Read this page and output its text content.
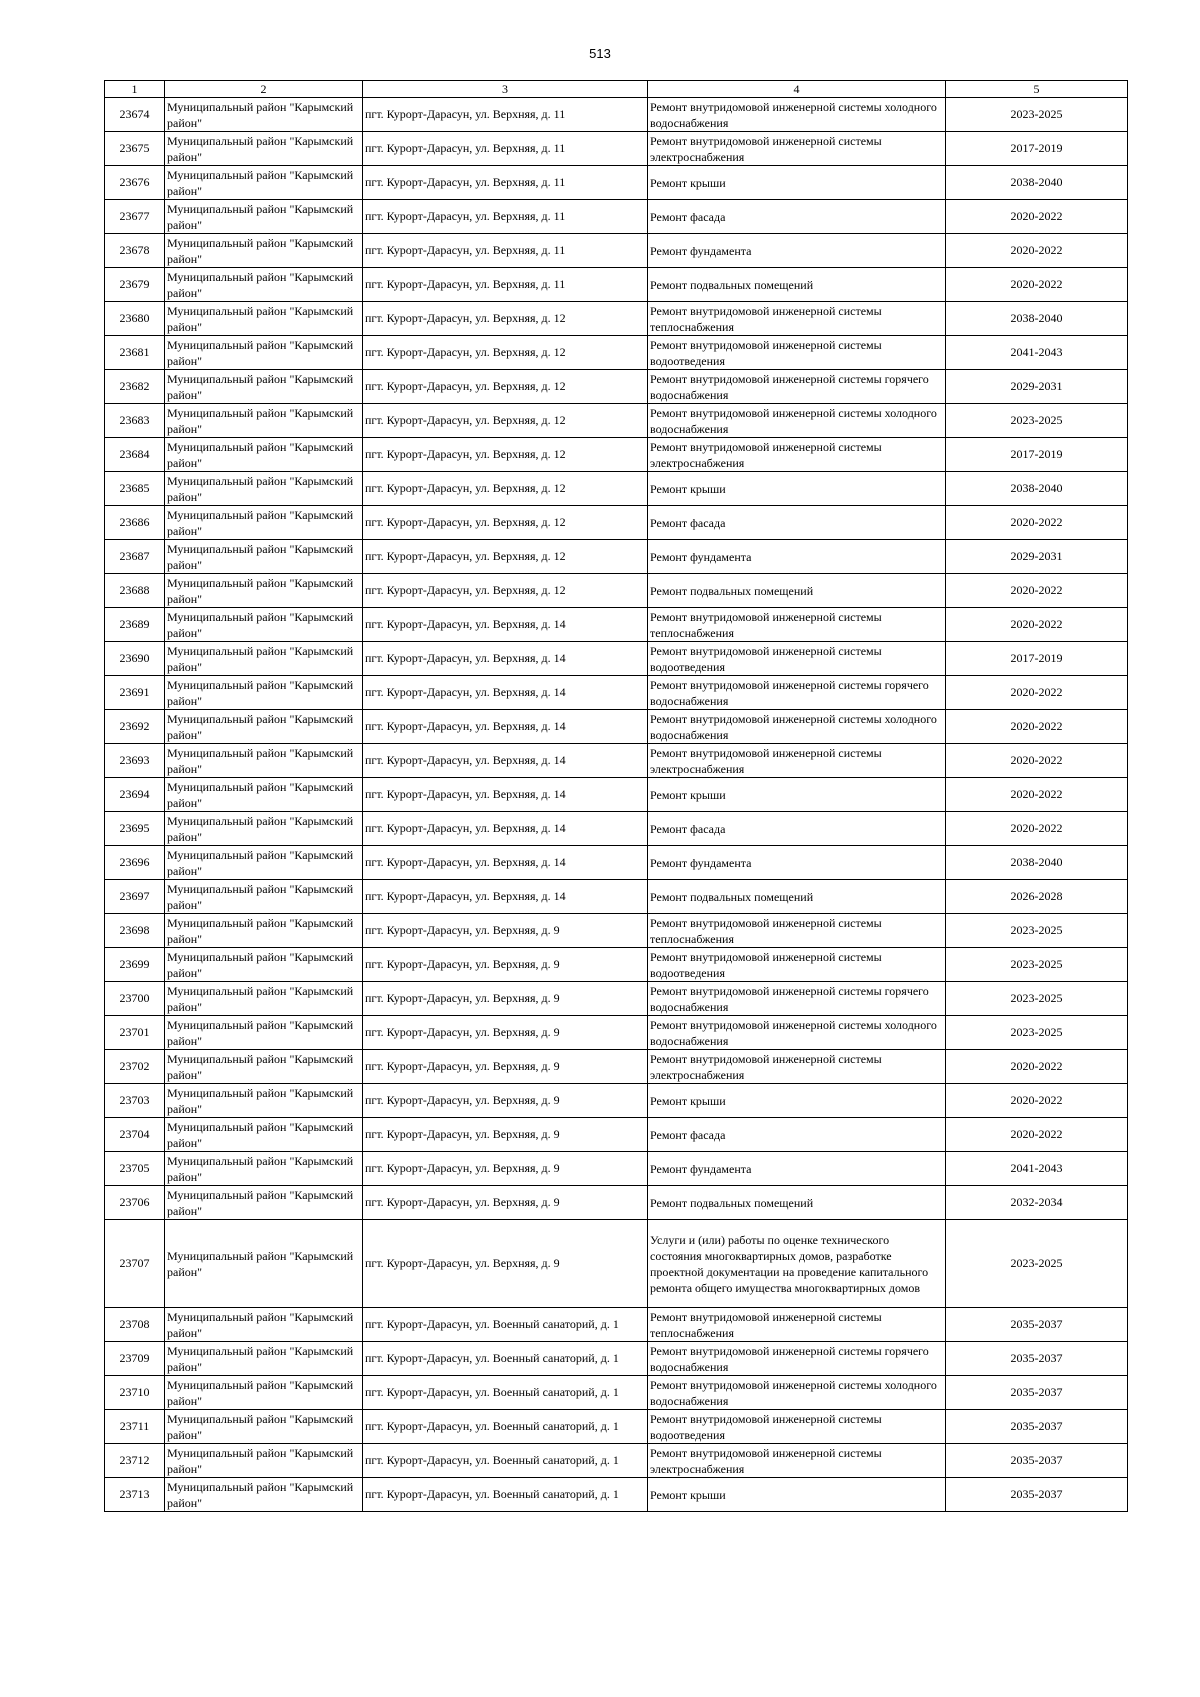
513
1	2	3	4	5
23674	Муниципальный район "Карымский район"	пгт. Курорт-Дарасун, ул. Верхняя, д. 11	Ремонт внутридомовой инженерной системы холодного водоснабжения	2023-2025
23675	Муниципальный район "Карымский район"	пгт. Курорт-Дарасун, ул. Верхняя, д. 11	Ремонт внутридомовой инженерной системы электроснабжения	2017-2019
23676	Муниципальный район "Карымский район"	пгт. Курорт-Дарасун, ул. Верхняя, д. 11	Ремонт крыши	2038-2040
23677	Муниципальный район "Карымский район"	пгт. Курорт-Дарасун, ул. Верхняя, д. 11	Ремонт фасада	2020-2022
23678	Муниципальный район "Карымский район"	пгт. Курорт-Дарасун, ул. Верхняя, д. 11	Ремонт фундамента	2020-2022
23679	Муниципальный район "Карымский район"	пгт. Курорт-Дарасун, ул. Верхняя, д. 11	Ремонт подвальных помещений	2020-2022
23680	Муниципальный район "Карымский район"	пгт. Курорт-Дарасун, ул. Верхняя, д. 12	Ремонт внутридомовой инженерной системы теплоснабжения	2038-2040
23681	Муниципальный район "Карымский район"	пгт. Курорт-Дарасун, ул. Верхняя, д. 12	Ремонт внутридомовой инженерной системы водоотведения	2041-2043
23682	Муниципальный район "Карымский район"	пгт. Курорт-Дарасун, ул. Верхняя, д. 12	Ремонт внутридомовой инженерной системы горячего водоснабжения	2029-2031
23683	Муниципальный район "Карымский район"	пгт. Курорт-Дарасун, ул. Верхняя, д. 12	Ремонт внутридомовой инженерной системы холодного водоснабжения	2023-2025
23684	Муниципальный район "Карымский район"	пгт. Курорт-Дарасун, ул. Верхняя, д. 12	Ремонт внутридомовой инженерной системы электроснабжения	2017-2019
23685	Муниципальный район "Карымский район"	пгт. Курорт-Дарасун, ул. Верхняя, д. 12	Ремонт крыши	2038-2040
23686	Муниципальный район "Карымский район"	пгт. Курорт-Дарасун, ул. Верхняя, д. 12	Ремонт фасада	2020-2022
23687	Муниципальный район "Карымский район"	пгт. Курорт-Дарасун, ул. Верхняя, д. 12	Ремонт фундамента	2029-2031
23688	Муниципальный район "Карымский район"	пгт. Курорт-Дарасун, ул. Верхняя, д. 12	Ремонт подвальных помещений	2020-2022
23689	Муниципальный район "Карымский район"	пгт. Курорт-Дарасун, ул. Верхняя, д. 14	Ремонт внутридомовой инженерной системы теплоснабжения	2020-2022
23690	Муниципальный район "Карымский район"	пгт. Курорт-Дарасун, ул. Верхняя, д. 14	Ремонт внутридомовой инженерной системы водоотведения	2017-2019
23691	Муниципальный район "Карымский район"	пгт. Курорт-Дарасун, ул. Верхняя, д. 14	Ремонт внутридомовой инженерной системы горячего водоснабжения	2020-2022
23692	Муниципальный район "Карымский район"	пгт. Курорт-Дарасун, ул. Верхняя, д. 14	Ремонт внутридомовой инженерной системы холодного водоснабжения	2020-2022
23693	Муниципальный район "Карымский район"	пгт. Курорт-Дарасун, ул. Верхняя, д. 14	Ремонт внутридомовой инженерной системы электроснабжения	2020-2022
23694	Муниципальный район "Карымский район"	пгт. Курорт-Дарасун, ул. Верхняя, д. 14	Ремонт крыши	2020-2022
23695	Муниципальный район "Карымский район"	пгт. Курорт-Дарасун, ул. Верхняя, д. 14	Ремонт фасада	2020-2022
23696	Муниципальный район "Карымский район"	пгт. Курорт-Дарасун, ул. Верхняя, д. 14	Ремонт фундамента	2038-2040
23697	Муниципальный район "Карымский район"	пгт. Курорт-Дарасун, ул. Верхняя, д. 14	Ремонт подвальных помещений	2026-2028
23698	Муниципальный район "Карымский район"	пгт. Курорт-Дарасун, ул. Верхняя, д. 9	Ремонт внутридомовой инженерной системы теплоснабжения	2023-2025
23699	Муниципальный район "Карымский район"	пгт. Курорт-Дарасун, ул. Верхняя, д. 9	Ремонт внутридомовой инженерной системы водоотведения	2023-2025
23700	Муниципальный район "Карымский район"	пгт. Курорт-Дарасун, ул. Верхняя, д. 9	Ремонт внутридомовой инженерной системы горячего водоснабжения	2023-2025
23701	Муниципальный район "Карымский район"	пгт. Курорт-Дарасун, ул. Верхняя, д. 9	Ремонт внутридомовой инженерной системы холодного водоснабжения	2023-2025
23702	Муниципальный район "Карымский район"	пгт. Курорт-Дарасун, ул. Верхняя, д. 9	Ремонт внутридомовой инженерной системы электроснабжения	2020-2022
23703	Муниципальный район "Карымский район"	пгт. Курорт-Дарасун, ул. Верхняя, д. 9	Ремонт крыши	2020-2022
23704	Муниципальный район "Карымский район"	пгт. Курорт-Дарасун, ул. Верхняя, д. 9	Ремонт фасада	2020-2022
23705	Муниципальный район "Карымский район"	пгт. Курорт-Дарасун, ул. Верхняя, д. 9	Ремонт фундамента	2041-2043
23706	Муниципальный район "Карымский район"	пгт. Курорт-Дарасун, ул. Верхняя, д. 9	Ремонт подвальных помещений	2032-2034
23707	Муниципальный район "Карымский район"	пгт. Курорт-Дарасун, ул. Верхняя, д. 9	Услуги и (или) работы по оценке технического состояния многоквартирных домов, разработке проектной документации на проведение капитального ремонта общего имущества многоквартирных домов	2023-2025
23708	Муниципальный район "Карымский район"	пгт. Курорт-Дарасун, ул. Военный санаторий, д. 1	Ремонт внутридомовой инженерной системы теплоснабжения	2035-2037
23709	Муниципальный район "Карымский район"	пгт. Курорт-Дарасун, ул. Военный санаторий, д. 1	Ремонт внутридомовой инженерной системы горячего водоснабжения	2035-2037
23710	Муниципальный район "Карымский район"	пгт. Курорт-Дарасун, ул. Военный санаторий, д. 1	Ремонт внутридомовой инженерной системы холодного водоснабжения	2035-2037
23711	Муниципальный район "Карымский район"	пгт. Курорт-Дарасун, ул. Военный санаторий, д. 1	Ремонт внутридомовой инженерной системы водоотведения	2035-2037
23712	Муниципальный район "Карымский район"	пгт. Курорт-Дарасун, ул. Военный санаторий, д. 1	Ремонт внутридомовой инженерной системы электроснабжения	2035-2037
23713	Муниципальный район "Карымский район"	пгт. Курорт-Дарасун, ул. Военный санаторий, д. 1	Ремонт крыши	2035-2037
